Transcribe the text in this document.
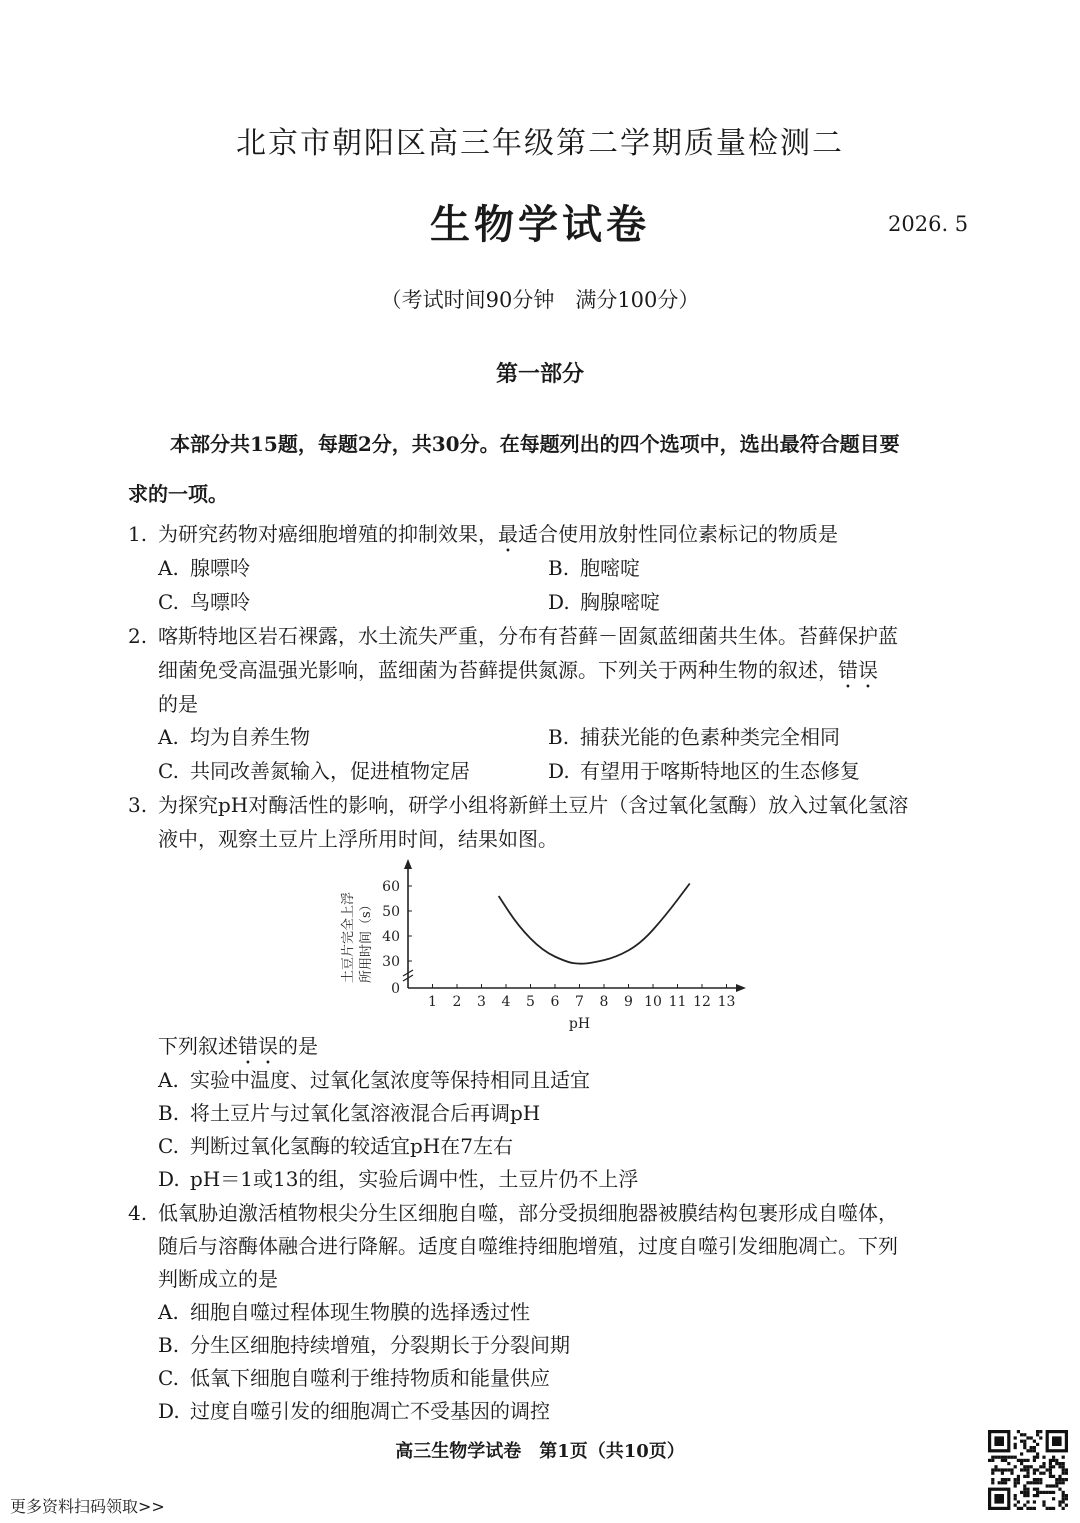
北京市朝阳区高三年级第二学期质量检测二
生物学试卷	2026. 5
（考试时间90分钟　满分100分）
第一部分
本部分共15题，每题2分，共30分。在每题列出的四个选项中，选出最符合题目要
求的一项。
1. 为研究药物对癌细胞增殖的抑制效果，最适合使用放射性同位素标记的物质是
A. 腺嘌呤	B. 胞嘧啶
C. 鸟嘌呤	D. 胸腺嘧啶
2. 喀斯特地区岩石裸露，水土流失严重，分布有苔藓－固氮蓝细菌共生体。苔藓保护蓝
细菌免受高温强光影响，蓝细菌为苔藓提供氮源。下列关于两种生物的叙述，错误
的是
A. 均为自养生物	B. 捕获光能的色素种类完全相同
C. 共同改善氮输入，促进植物定居	D. 有望用于喀斯特地区的生态修复
3. 为探究pH对酶活性的影响，研学小组将新鲜土豆片（含过氧化氢酶）放入过氧化氢溶
液中，观察土豆片上浮所用时间，结果如图。
1 2 3 4 5 6 7 8 9 10 11 12 13
0
30
40
50
60
土豆片完全上浮 所用时间（s）
pH
下列叙述错误的是
A. 实验中温度、过氧化氢浓度等保持相同且适宜
B. 将土豆片与过氧化氢溶液混合后再调pH
C. 判断过氧化氢酶的较适宜pH在7左右
D. pH＝1或13的组，实验后调中性，土豆片仍不上浮
4. 低氧胁迫激活植物根尖分生区细胞自噬，部分受损细胞器被膜结构包裹形成自噬体，
随后与溶酶体融合进行降解。适度自噬维持细胞增殖，过度自噬引发细胞凋亡。下列
判断成立的是
A. 细胞自噬过程体现生物膜的选择透过性
B. 分生区细胞持续增殖，分裂期长于分裂间期
C. 低氧下细胞自噬利于维持物质和能量供应
D. 过度自噬引发的细胞凋亡不受基因的调控
高三生物学试卷　第1页（共10页）
更多资料扫码领取>>
